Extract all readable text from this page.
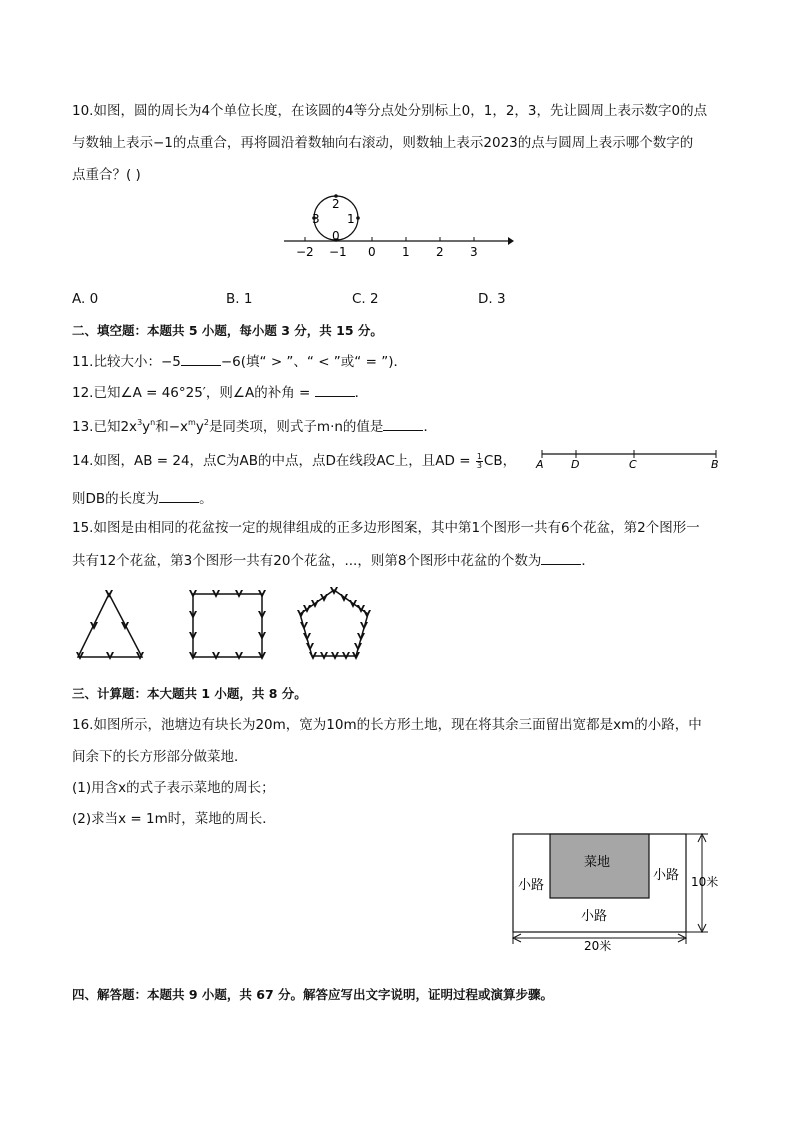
10.如图，圆的周长为4个单位长度，在该圆的4等分点处分别标上0，1，2，3，先让圆周上表示数字0的点
与数轴上表示−1的点重合，再将圆沿着数轴向右滚动，则数轴上表示2023的点与圆周上表示哪个数字的
点重合？( )
2
3 1
0
−2 −1 0 1 2 3
A. 0	B. 1	C. 2	D. 3
二、填空题：本题共 5 小题，每小题 3 分，共 15 分。
11.比较大小：−5	−6(填“ > ”、“ < ”或“ = ”)．
12.已知∠A = 46°25′，则∠A的补角 =	．
13.已知$2x^3y^n$和$-x^my^2$是同类项，则式子m·n的值是	．
14.如图，AB = 24，点C为AB的中点，点D在线段AC上，且AD = $\frac{1}{3}$ CB， A D	C	B
则DB的长度为	。
15.如图是由相同的花盆按一定的规律组成的正多边形图案，其中第1个图形一共有6个花盆，第2个图形一
共有12个花盆，第3个图形一共有20个花盆，...，则第8个图形中花盆的个数为	．
三、计算题：本大题共 1 小题，共 8 分。
16.如图所示，池塘边有块长为20m，宽为10m的长方形土地，现在将其余三面留出宽都是xm的小路，中
间余下的长方形部分做菜地．
(1)用含x的式子表示菜地的周长；
(2)求当x = 1m时，菜地的周长．
菜地
小路
小路
小路
10米
20米
四、解答题：本题共 9 小题，共 67 分。解答应写出文字说明，证明过程或演算步骤。
